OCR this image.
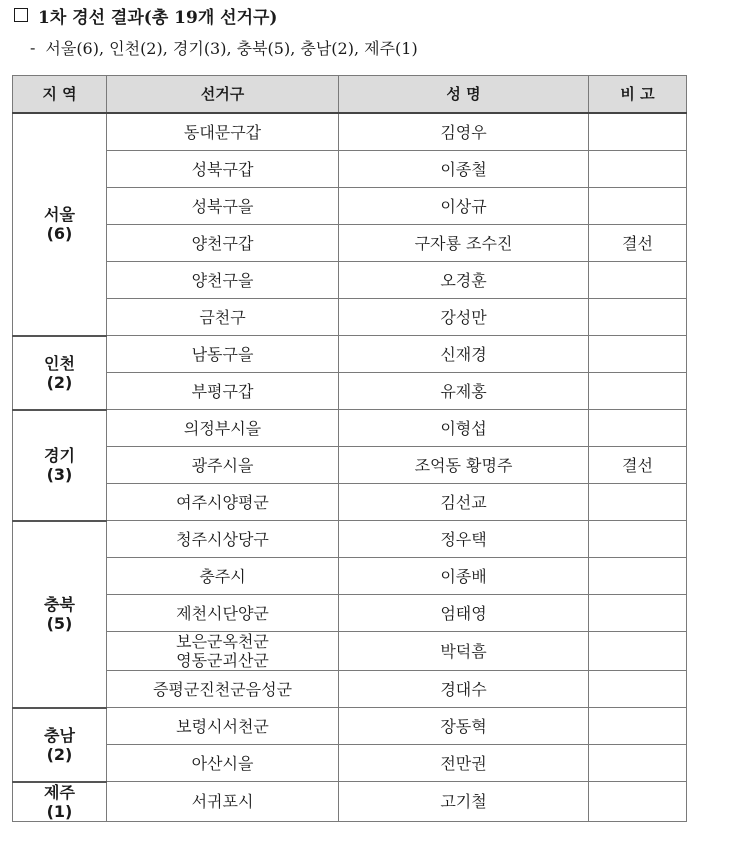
1차 경선 결과(총 19개 선거구)
- 서울(6), 인천(2), 경기(3), 충북(5), 충남(2), 제주(1)
지 역	선거구	성 명	비 고

서울
(6)	동대문구갑	김영우	
	성북구갑	이종철	
	성북구을	이상규	
	양천구갑	구자룡 조수진	결선
	양천구을	오경훈	
	금천구	강성만	

인천
(2)	남동구을	신재경	
	부평구갑	유제홍	

경기
(3)	의정부시을	이형섭	
	광주시을	조억동 황명주	결선
	여주시양평군	김선교	

충북
(5)	청주시상당구	정우택	
	충주시	이종배	
	제천시단양군	엄태영	
	보은군옥천군
영동군괴산군	박덕흠	
	증평군진천군음성군	경대수	

충남
(2)	보령시서천군	장동혁	
	아산시을	전만권	

제주
(1)	서귀포시	고기철	
